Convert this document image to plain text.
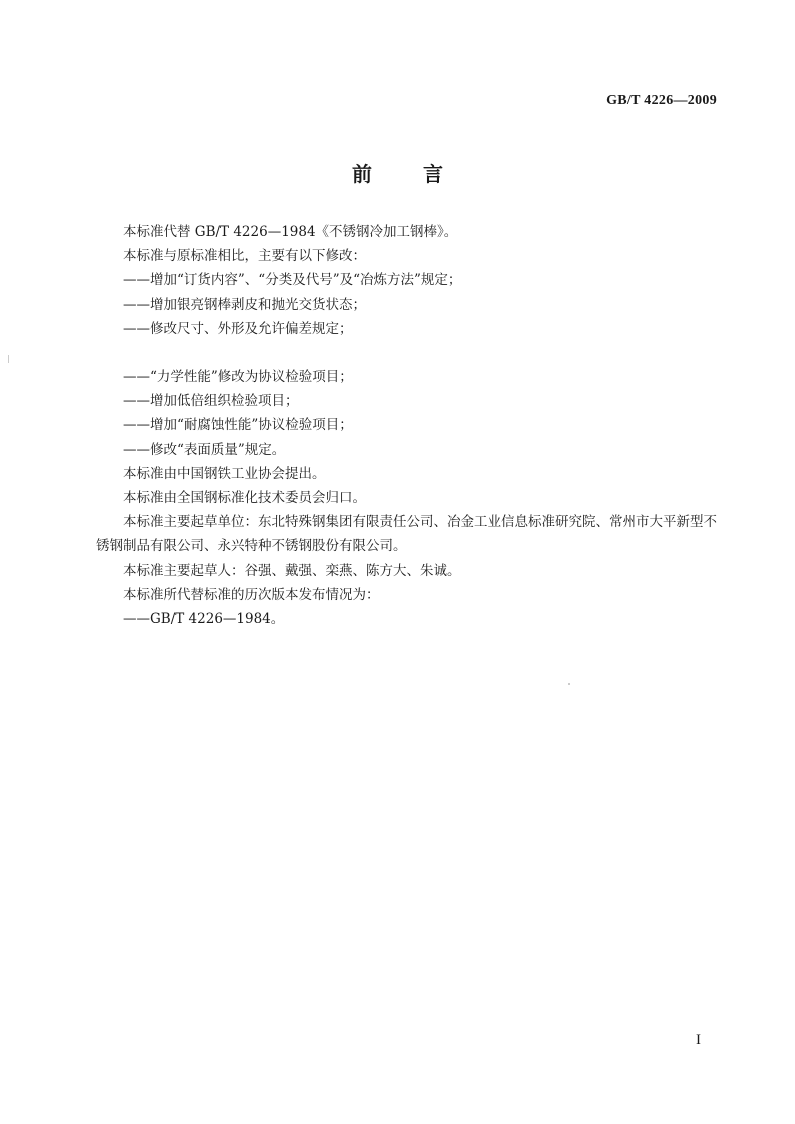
GB/T 4226—2009
前 言

本标准代替 GB/T 4226—1984《不锈钢冷加工钢棒》。

本标准与原标准相比，主要有以下修改：

——增加“订货内容”、“分类及代号”及“冶炼方法”规定；

——增加银亮钢棒剥皮和抛光交货状态；

——修改尺寸、外形及允许偏差规定；

——“力学性能”修改为协议检验项目；

——增加低倍组织检验项目；

——增加“耐腐蚀性能”协议检验项目；

——修改“表面质量”规定。

本标准由中国钢铁工业协会提出。

本标准由全国钢标准化技术委员会归口。

本标准主要起草单位：东北特殊钢集团有限责任公司、冶金工业信息标准研究院、常州市大平新型不锈钢制品有限公司、永兴特种不锈钢股份有限公司。

本标准主要起草人：谷强、戴强、栾燕、陈方大、朱诚。

本标准所代替标准的历次版本发布情况为：

——GB/T 4226—1984。

I
